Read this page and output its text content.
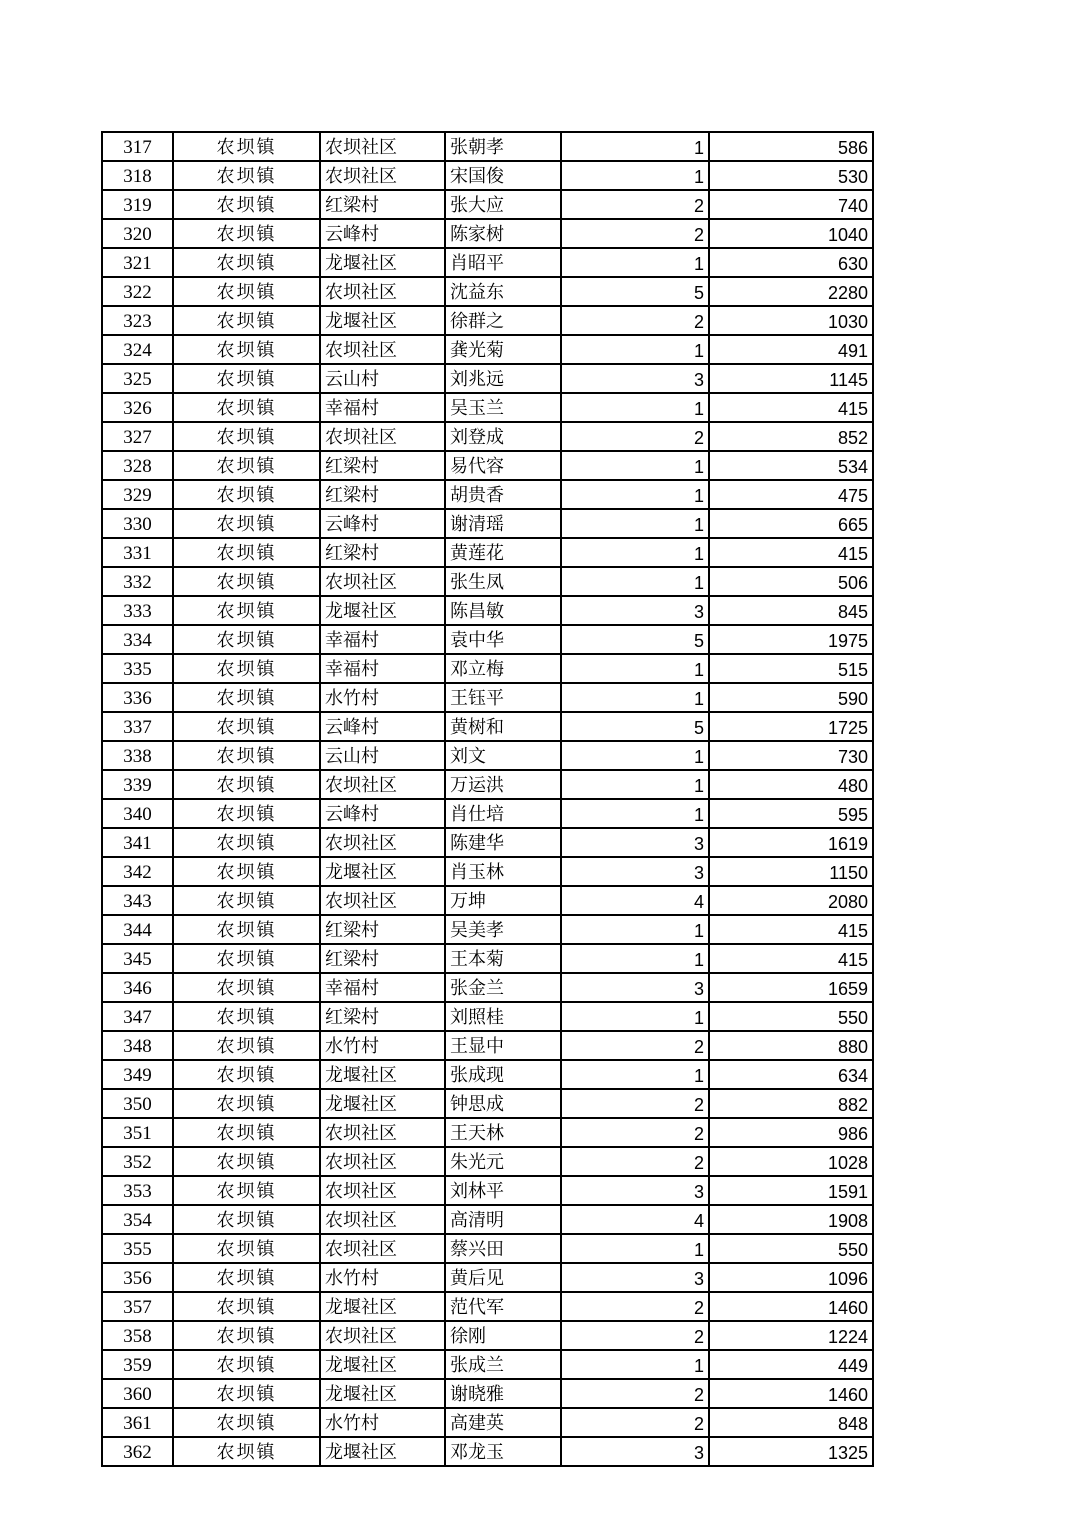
317	农坝镇	农坝社区	张朝孝	1	586
318	农坝镇	农坝社区	宋国俊	1	530
319	农坝镇	红梁村	张大应	2	740
320	农坝镇	云峰村	陈家树	2	1040
321	农坝镇	龙堰社区	肖昭平	1	630
322	农坝镇	农坝社区	沈益东	5	2280
323	农坝镇	龙堰社区	徐群之	2	1030
324	农坝镇	农坝社区	龚光菊	1	491
325	农坝镇	云山村	刘兆远	3	1145
326	农坝镇	幸福村	吴玉兰	1	415
327	农坝镇	农坝社区	刘登成	2	852
328	农坝镇	红梁村	易代容	1	534
329	农坝镇	红梁村	胡贵香	1	475
330	农坝镇	云峰村	谢清瑶	1	665
331	农坝镇	红梁村	黄莲花	1	415
332	农坝镇	农坝社区	张生凤	1	506
333	农坝镇	龙堰社区	陈昌敏	3	845
334	农坝镇	幸福村	袁中华	5	1975
335	农坝镇	幸福村	邓立梅	1	515
336	农坝镇	水竹村	王钰平	1	590
337	农坝镇	云峰村	黄树和	5	1725
338	农坝镇	云山村	刘文	1	730
339	农坝镇	农坝社区	万运洪	1	480
340	农坝镇	云峰村	肖仕培	1	595
341	农坝镇	农坝社区	陈建华	3	1619
342	农坝镇	龙堰社区	肖玉林	3	1150
343	农坝镇	农坝社区	万坤	4	2080
344	农坝镇	红梁村	吴美孝	1	415
345	农坝镇	红梁村	王本菊	1	415
346	农坝镇	幸福村	张金兰	3	1659
347	农坝镇	红梁村	刘照桂	1	550
348	农坝镇	水竹村	王显中	2	880
349	农坝镇	龙堰社区	张成现	1	634
350	农坝镇	龙堰社区	钟思成	2	882
351	农坝镇	农坝社区	王天林	2	986
352	农坝镇	农坝社区	朱光元	2	1028
353	农坝镇	农坝社区	刘林平	3	1591
354	农坝镇	农坝社区	高清明	4	1908
355	农坝镇	农坝社区	蔡兴田	1	550
356	农坝镇	水竹村	黄后见	3	1096
357	农坝镇	龙堰社区	范代军	2	1460
358	农坝镇	农坝社区	徐刚	2	1224
359	农坝镇	龙堰社区	张成兰	1	449
360	农坝镇	龙堰社区	谢晓雅	2	1460
361	农坝镇	水竹村	高建英	2	848
362	农坝镇	龙堰社区	邓龙玉	3	1325
